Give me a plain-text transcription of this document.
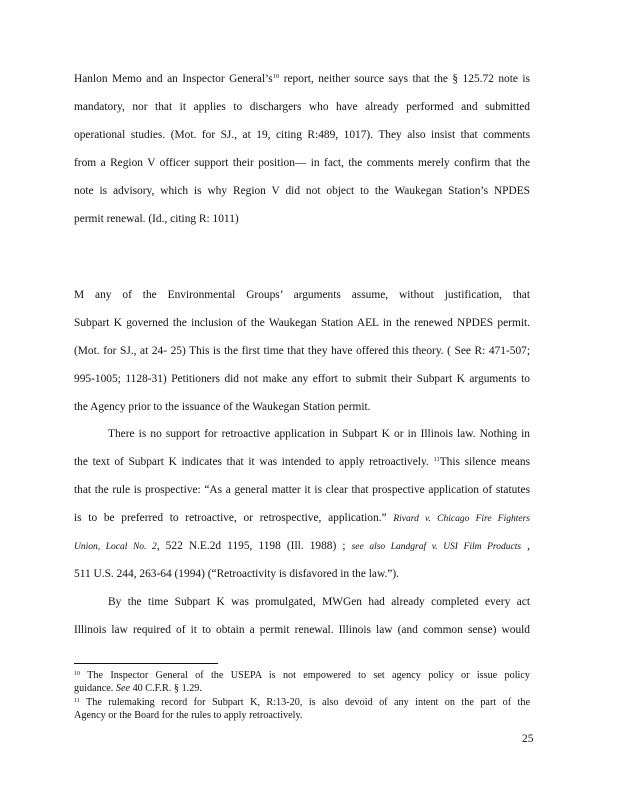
Hanlon Memo and an Inspector $General’s^{10}$ report, neither source says that the § 125.72 note is
mandatory, nor that it applies to dischargers who have already performed and submitted
operational studies. (Mot. for SJ., at 19, citing R:489, 1017). They also insist that comments
from a Region V officer support their position— in fact, the comments merely confirm that the
note is advisory, which is why Region V did not object to the Waukegan Station’s NPDES
permit renewal. (Id., citing R: 1011)
M any of the Environmental Groups’ arguments assume, without justification, that
Subpart K governed the inclusion of the Waukegan Station AEL in the renewed NPDES permit.
(Mot. for SJ., at 24- 25) This is the first time that they have offered this theory. ( See R: 471-507;
995-1005; 1128-31) Petitioners did not make any effort to submit their Subpart K arguments to
the Agency prior to the issuance of the Waukegan Station permit.
There is no support for retroactive application in Subpart K or in Illinois law. Nothing in
the text of Subpart K indicates that it was intended to apply retroactively. $^{11}$This silence means
that the rule is prospective: “As a general matter it is clear that prospective application of statutes
is to be preferred to retroactive, or retrospective, application.” Rivard v. Chicago Fire Fighters
Union, Local No. 2, 522 N.E.2d 1195, 1198 (Ill. 1988) ; see also Landgraf v. USI Film Products ,
511 U.S. 244, 263-64 (1994) (“Retroactivity is disfavored in the law.”).
By the time Subpart K was promulgated, MWGen had already completed every act
Illinois law required of it to obtain a permit renewal. Illinois law (and common sense) would
$^{10}$ The Inspector General of the USEPA is not empowered to set agency policy or issue policy
guidance. See 40 C.F.R. § 1.29.
$^{11}$ The rulemaking record for Subpart K, R:13-20, is also devoid of any intent on the part of the
Agency or the Board for the rules to apply retroactively.
25
